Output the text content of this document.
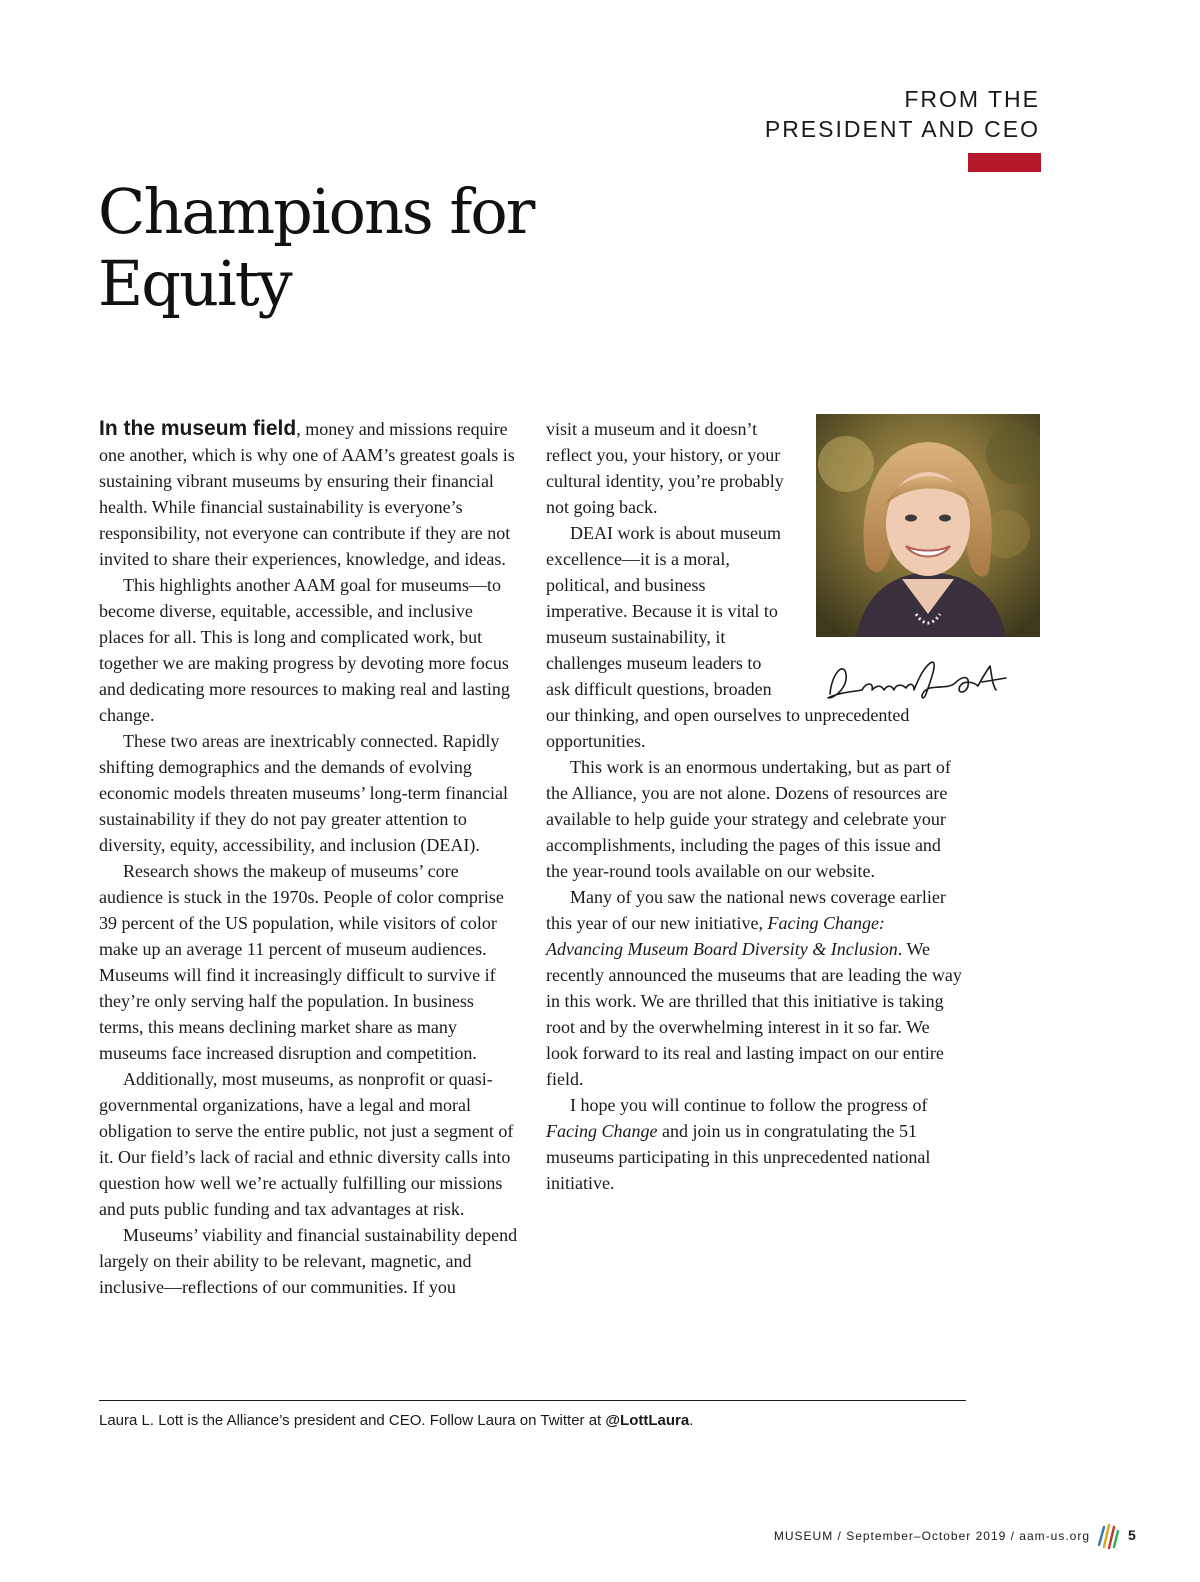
FROM THE
PRESIDENT AND CEO
Champions for
Equity

In the museum field, money and missions require one another, which is why one of AAM’s greatest goals is sustaining vibrant museums by ensuring their financial health. While financial sustainability is everyone’s responsibility, not everyone can contribute if they are not invited to share their experiences, knowledge, and ideas.

This highlights another AAM goal for museums—to become diverse, equitable, accessible, and inclusive places for all. This is long and complicated work, but together we are making progress by devoting more focus and dedicating more resources to making real and lasting change.

These two areas are inextricably connected. Rapidly shifting demographics and the demands of evolving economic models threaten museums’ long-term financial sustainability if they do not pay greater attention to diversity, equity, accessibility, and inclusion (DEAI).

Research shows the makeup of museums’ core audience is stuck in the 1970s. People of color comprise 39 percent of the US population, while visitors of color make up an average 11 percent of museum audiences. Museums will find it increasingly difficult to survive if they’re only serving half the population. In business terms, this means declining market share as many museums face increased disruption and competition.

Additionally, most museums, as nonprofit or quasi-governmental organizations, have a legal and moral obligation to serve the entire public, not just a segment of it. Our field’s lack of racial and ethnic diversity calls into question how well we’re actually fulfilling our missions and puts public funding and tax advantages at risk.

Museums’ viability and financial sustainability depend largely on their ability to be relevant, magnetic, and inclusive—reflections of our communities. If you

visit a museum and it doesn’t reflect you, your history, or your cultural identity, you’re probably not going back.

DEAI work is about museum excellence—it is a moral, political, and business imperative. Because it is vital to museum sustainability, it challenges museum leaders to ask difficult questions, broaden our thinking, and open ourselves to unprecedented opportunities.

This work is an enormous undertaking, but as part of the Alliance, you are not alone. Dozens of resources are available to help guide your strategy and celebrate your accomplishments, including the pages of this issue and the year-round tools available on our website.

Many of you saw the national news coverage earlier this year of our new initiative, Facing Change: Advancing Museum Board Diversity & Inclusion. We recently announced the museums that are leading the way in this work. We are thrilled that this initiative is taking root and by the overwhelming interest in it so far. We look forward to its real and lasting impact on our entire field.

I hope you will continue to follow the progress of Facing Change and join us in congratulating the 51 museums participating in this unprecedented national initiative.

Laura L. Lott is the Alliance’s president and CEO. Follow Laura on Twitter at @LottLaura.
MUSEUM / September–October 2019 / aam-us.org	5
